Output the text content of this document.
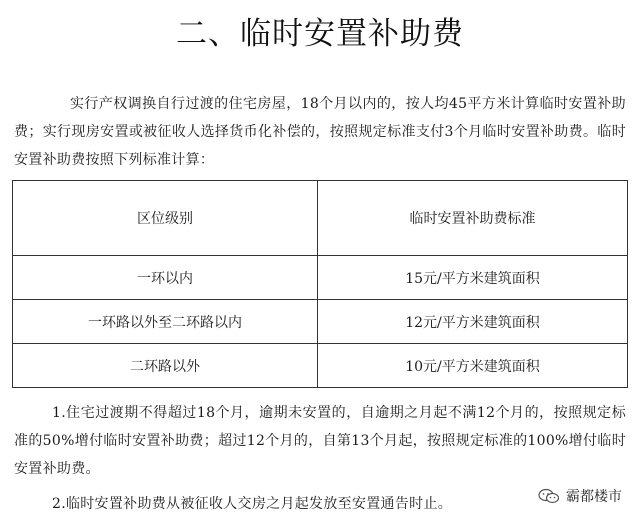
二、临时安置补助费

实行产权调换自行过渡的住宅房屋，18个月以内的，按人均45平方米计算临时安置补助费；实行现房安置或被征收人选择货币化补偿的，按照规定标准支付3个月临时安置补助费。临时安置补助费按照下列标准计算：

区位级别	临时安置补助费标准
一环以内	15元/平方米建筑面积
一环路以外至二环路以内	12元/平方米建筑面积
二环路以外	10元/平方米建筑面积

1.住宅过渡期不得超过18个月，逾期未安置的，自逾期之月起不满12个月的，按照规定标准的50%增付临时安置补助费；超过12个月的，自第13个月起，按照规定标准的100%增付临时安置补助费。

2.临时安置补助费从被征收人交房之月起发放至安置通告时止。	霸都楼市
